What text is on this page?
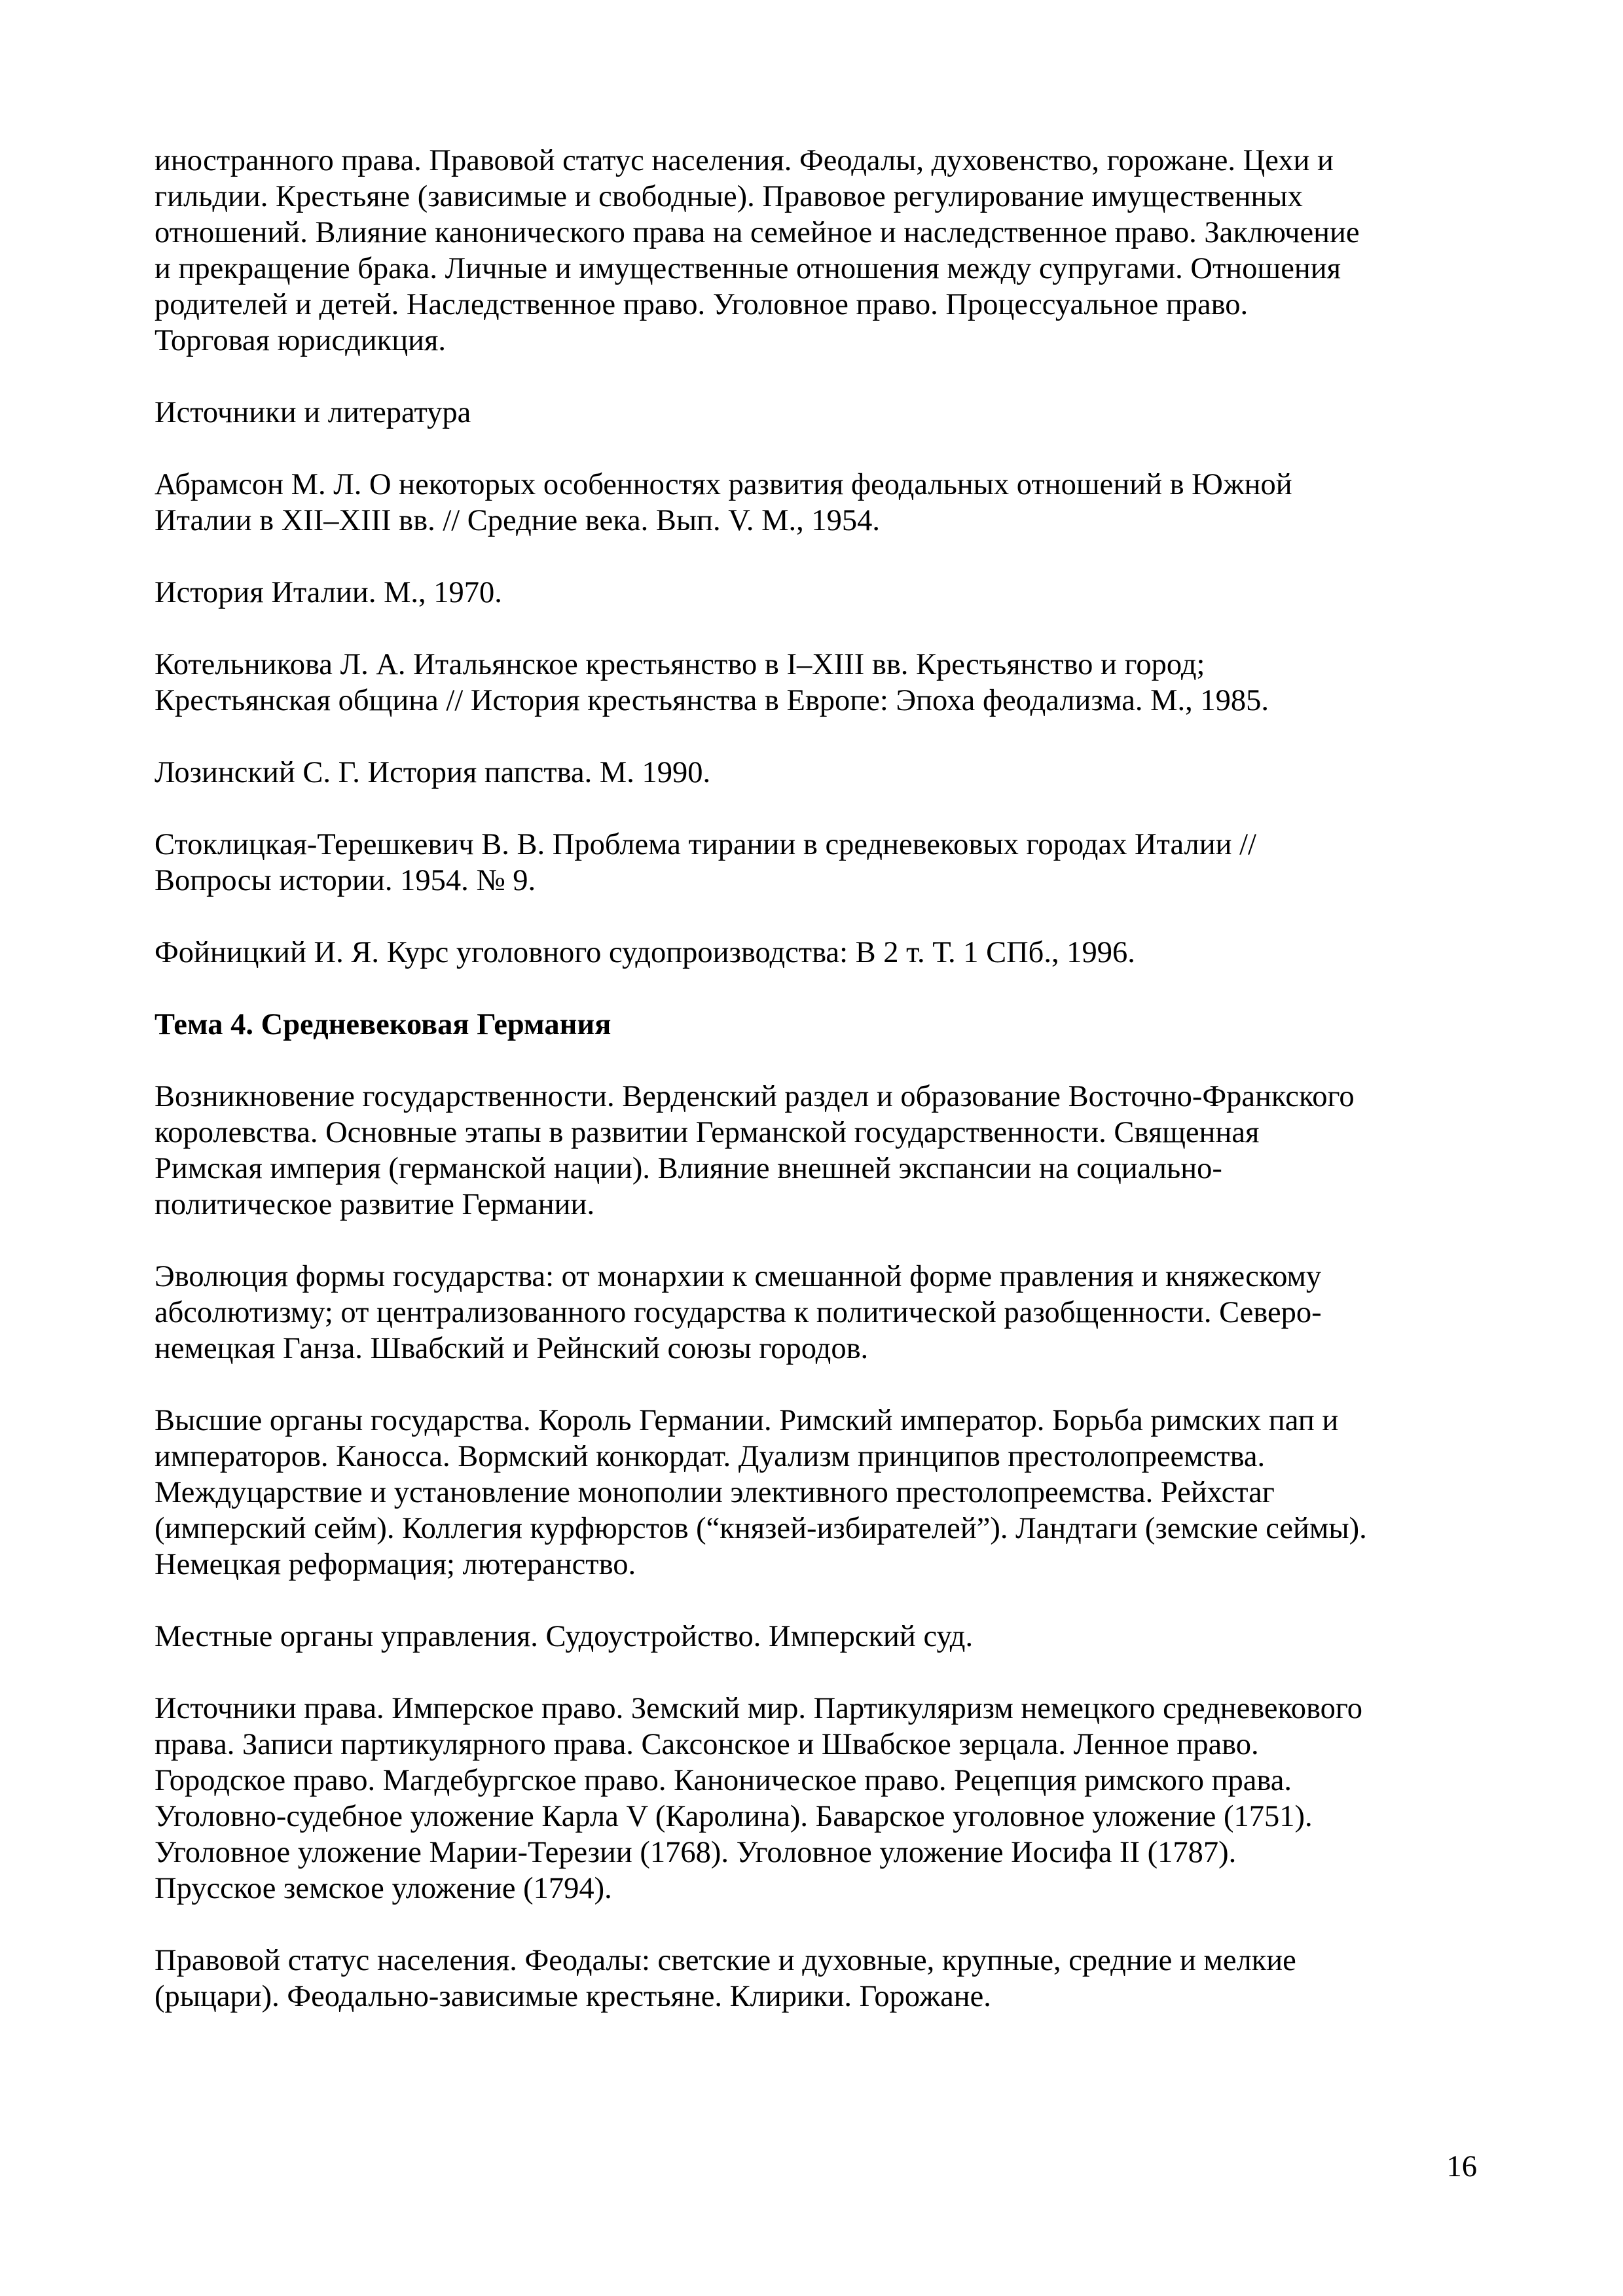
иностранного права. Правовой статус населения. Феодалы, духовенство, горожане. Цехи и
гильдии. Крестьяне (зависимые и свободные). Правовое регулирование имущественных
отношений. Влияние канонического права на семейное и наследственное право. Заключение
и прекращение брака. Личные и имущественные отношения между супругами. Отношения
родителей и детей. Наследственное право. Уголовное право. Процессуальное право.
Торговая юрисдикция.

Источники и литература

Абрамсон М. Л. О некоторых особенностях развития феодальных отношений в Южной
Италии в XII–XIII вв. // Средние века. Вып. V. М., 1954.

История Италии. М., 1970.

Котельникова Л. А. Итальянское крестьянство в I–XIII вв. Крестьянство и город;
Крестьянская община // История крестьянства в Европе: Эпоха феодализма. М., 1985.

Лозинский С. Г. История папства. М. 1990.

Стоклицкая-Терешкевич В. В. Проблема тирании в средневековых городах Италии //
Вопросы истории. 1954. № 9.

Фойницкий И. Я. Курс уголовного судопроизводства: В 2 т. Т. 1 СПб., 1996.

Тема 4. Средневековая Германия

Возникновение государственности. Верденский раздел и образование Восточно-Франкского
королевства. Основные этапы в развитии Германской государственности. Священная
Римская империя (германской нации). Влияние внешней экспансии на социально-
политическое развитие Германии.

Эволюция формы государства: от монархии к смешанной форме правления и княжескому
абсолютизму; от централизованного государства к политической разобщенности. Северо-
немецкая Ганза. Швабский и Рейнский союзы городов.

Высшие органы государства. Король Германии. Римский император. Борьба римских пап и
императоров. Каносса. Вормский конкордат. Дуализм принципов престолопреемства.
Междуцарствие и установление монополии элективного престолопреемства. Рейхстаг
(имперский сейм). Коллегия курфюрстов (“князей-избирателей”). Ландтаги (земские сеймы).
Немецкая реформация; лютеранство.

Местные органы управления. Судоустройство. Имперский суд.

Источники права. Имперское право. Земский мир. Партикуляризм немецкого средневекового
права. Записи партикулярного права. Саксонское и Швабское зерцала. Ленное право.
Городское право. Магдебургское право. Каноническое право. Рецепция римского права.
Уголовно-судебное уложение Карла V (Каролина). Баварское уголовное уложение (1751).
Уголовное уложение Марии-Терезии (1768). Уголовное уложение Иосифа II (1787).
Прусское земское уложение (1794).

Правовой статус населения. Феодалы: светские и духовные, крупные, средние и мелкие
(рыцари). Феодально-зависимые крестьяне. Клирики. Горожане.

16
